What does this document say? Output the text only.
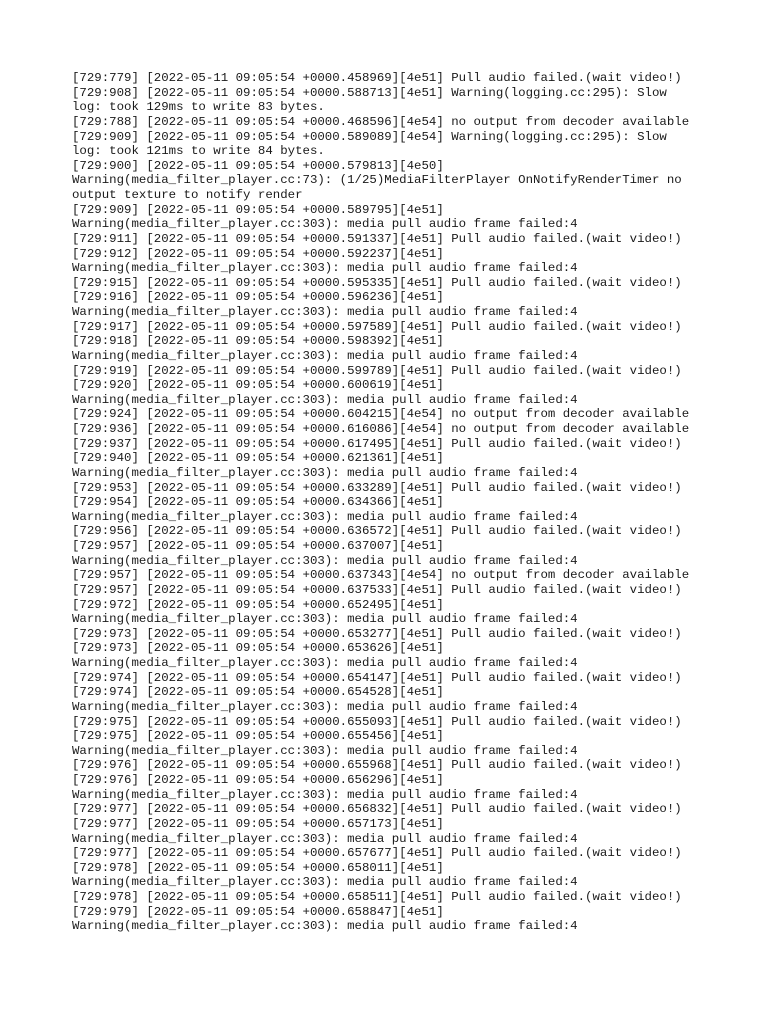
[729:779] [2022-05-11 09:05:54 +0000.458969][4e51] Pull audio failed.(wait video!)
[729:908] [2022-05-11 09:05:54 +0000.588713][4e51] Warning(logging.cc:295): Slow
log: took 129ms to write 83 bytes.
[729:788] [2022-05-11 09:05:54 +0000.468596][4e54] no output from decoder available
[729:909] [2022-05-11 09:05:54 +0000.589089][4e54] Warning(logging.cc:295): Slow
log: took 121ms to write 84 bytes.
[729:900] [2022-05-11 09:05:54 +0000.579813][4e50]
Warning(media_filter_player.cc:73): (1/25)MediaFilterPlayer OnNotifyRenderTimer no
output texture to notify render
[729:909] [2022-05-11 09:05:54 +0000.589795][4e51]
Warning(media_filter_player.cc:303): media pull audio frame failed:4
[729:911] [2022-05-11 09:05:54 +0000.591337][4e51] Pull audio failed.(wait video!)
[729:912] [2022-05-11 09:05:54 +0000.592237][4e51]
Warning(media_filter_player.cc:303): media pull audio frame failed:4
[729:915] [2022-05-11 09:05:54 +0000.595335][4e51] Pull audio failed.(wait video!)
[729:916] [2022-05-11 09:05:54 +0000.596236][4e51]
Warning(media_filter_player.cc:303): media pull audio frame failed:4
[729:917] [2022-05-11 09:05:54 +0000.597589][4e51] Pull audio failed.(wait video!)
[729:918] [2022-05-11 09:05:54 +0000.598392][4e51]
Warning(media_filter_player.cc:303): media pull audio frame failed:4
[729:919] [2022-05-11 09:05:54 +0000.599789][4e51] Pull audio failed.(wait video!)
[729:920] [2022-05-11 09:05:54 +0000.600619][4e51]
Warning(media_filter_player.cc:303): media pull audio frame failed:4
[729:924] [2022-05-11 09:05:54 +0000.604215][4e54] no output from decoder available
[729:936] [2022-05-11 09:05:54 +0000.616086][4e54] no output from decoder available
[729:937] [2022-05-11 09:05:54 +0000.617495][4e51] Pull audio failed.(wait video!)
[729:940] [2022-05-11 09:05:54 +0000.621361][4e51]
Warning(media_filter_player.cc:303): media pull audio frame failed:4
[729:953] [2022-05-11 09:05:54 +0000.633289][4e51] Pull audio failed.(wait video!)
[729:954] [2022-05-11 09:05:54 +0000.634366][4e51]
Warning(media_filter_player.cc:303): media pull audio frame failed:4
[729:956] [2022-05-11 09:05:54 +0000.636572][4e51] Pull audio failed.(wait video!)
[729:957] [2022-05-11 09:05:54 +0000.637007][4e51]
Warning(media_filter_player.cc:303): media pull audio frame failed:4
[729:957] [2022-05-11 09:05:54 +0000.637343][4e54] no output from decoder available
[729:957] [2022-05-11 09:05:54 +0000.637533][4e51] Pull audio failed.(wait video!)
[729:972] [2022-05-11 09:05:54 +0000.652495][4e51]
Warning(media_filter_player.cc:303): media pull audio frame failed:4
[729:973] [2022-05-11 09:05:54 +0000.653277][4e51] Pull audio failed.(wait video!)
[729:973] [2022-05-11 09:05:54 +0000.653626][4e51]
Warning(media_filter_player.cc:303): media pull audio frame failed:4
[729:974] [2022-05-11 09:05:54 +0000.654147][4e51] Pull audio failed.(wait video!)
[729:974] [2022-05-11 09:05:54 +0000.654528][4e51]
Warning(media_filter_player.cc:303): media pull audio frame failed:4
[729:975] [2022-05-11 09:05:54 +0000.655093][4e51] Pull audio failed.(wait video!)
[729:975] [2022-05-11 09:05:54 +0000.655456][4e51]
Warning(media_filter_player.cc:303): media pull audio frame failed:4
[729:976] [2022-05-11 09:05:54 +0000.655968][4e51] Pull audio failed.(wait video!)
[729:976] [2022-05-11 09:05:54 +0000.656296][4e51]
Warning(media_filter_player.cc:303): media pull audio frame failed:4
[729:977] [2022-05-11 09:05:54 +0000.656832][4e51] Pull audio failed.(wait video!)
[729:977] [2022-05-11 09:05:54 +0000.657173][4e51]
Warning(media_filter_player.cc:303): media pull audio frame failed:4
[729:977] [2022-05-11 09:05:54 +0000.657677][4e51] Pull audio failed.(wait video!)
[729:978] [2022-05-11 09:05:54 +0000.658011][4e51]
Warning(media_filter_player.cc:303): media pull audio frame failed:4
[729:978] [2022-05-11 09:05:54 +0000.658511][4e51] Pull audio failed.(wait video!)
[729:979] [2022-05-11 09:05:54 +0000.658847][4e51]
Warning(media_filter_player.cc:303): media pull audio frame failed:4
